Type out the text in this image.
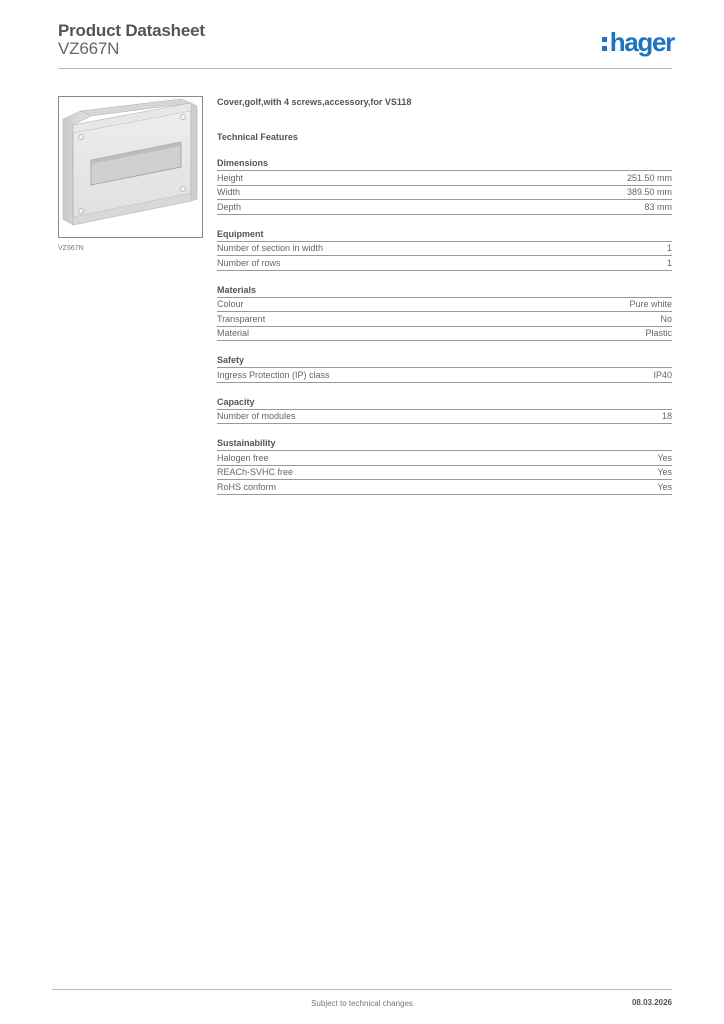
Product Datasheet
VZ667N	hager
VZ667N
Cover,golf,with 4 screws,accessory,for VS118
Technical Features
Dimensions
Height	251.50 mm
Width	389.50 mm
Depth	83 mm
Equipment
Number of section in width	1
Number of rows	1
Materials
Colour	Pure white
Transparent	No
Material	Plastic
Safety
Ingress Protection (IP) class	IP40
Capacity
Number of modules	18
Sustainability
Halogen free	Yes
REACh-SVHC free	Yes
RoHS conform	Yes
Subject to technical changes	08.03.2026
